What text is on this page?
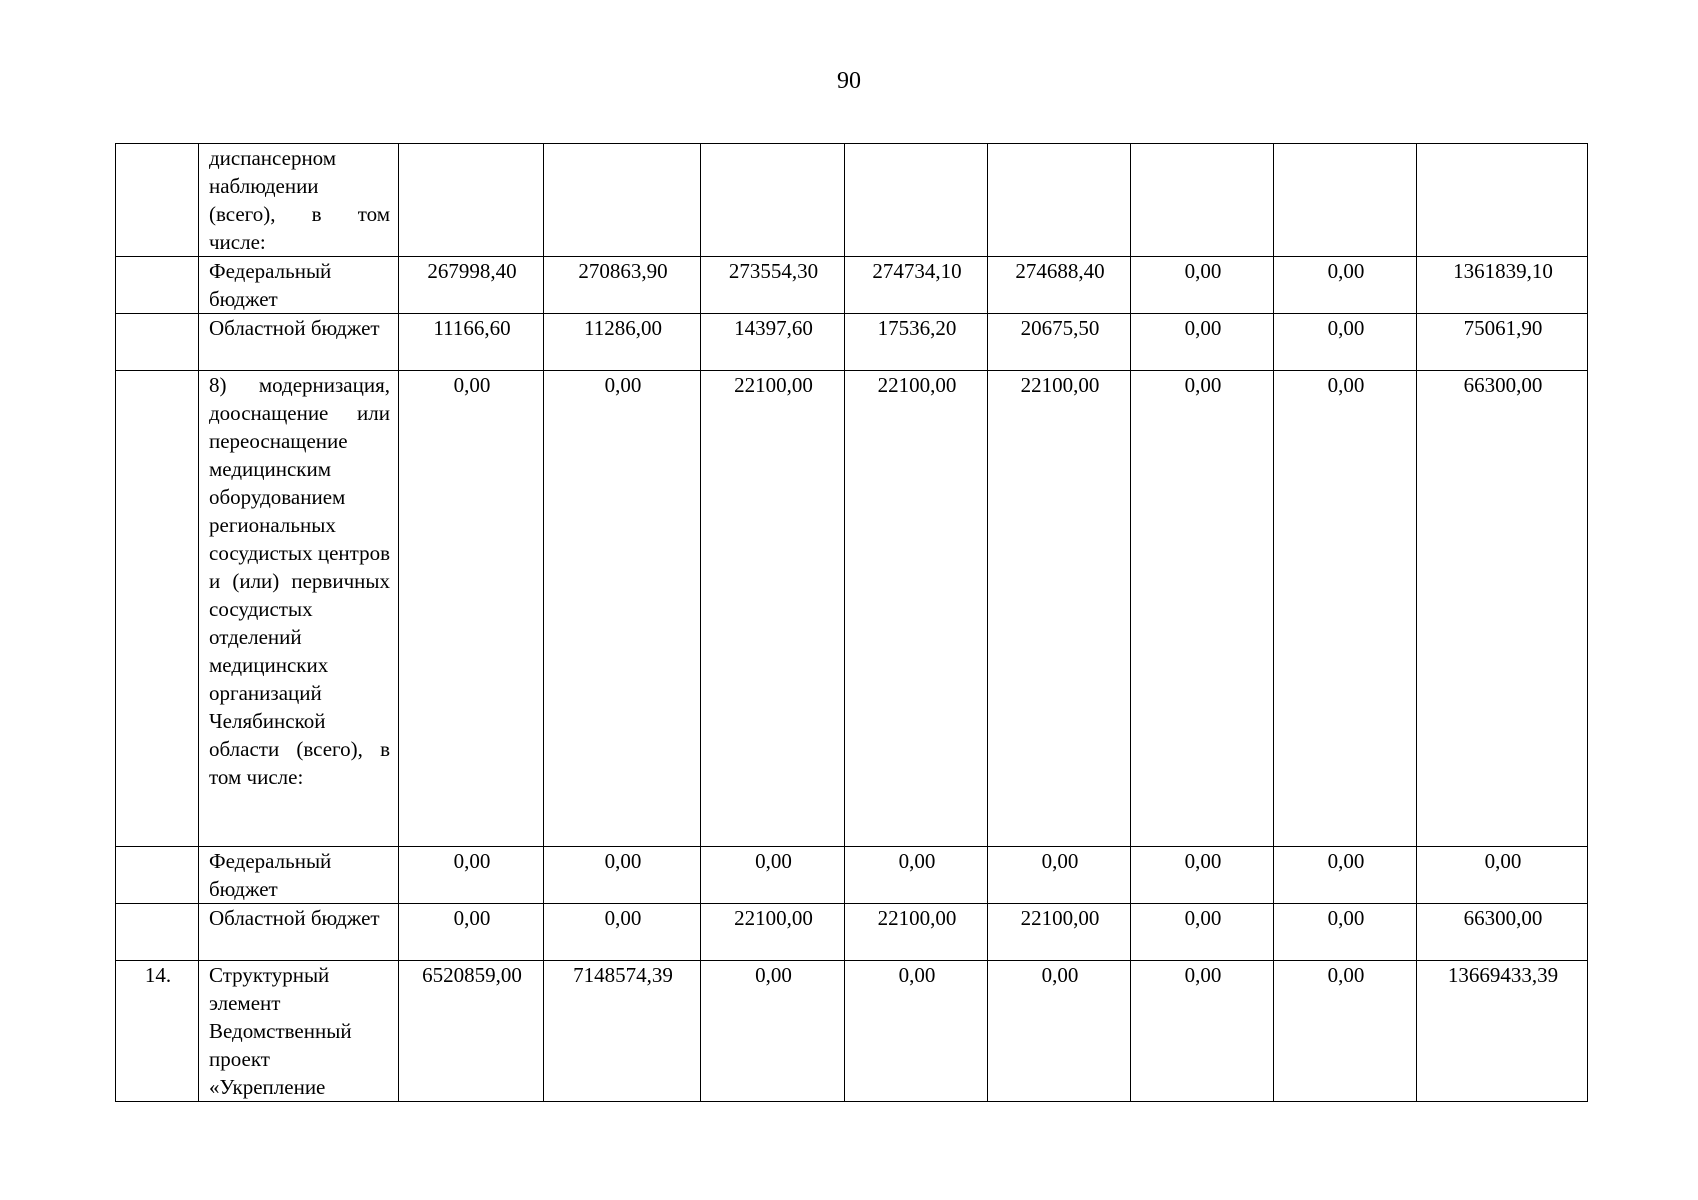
90
	диспансерном наблюдении (всего), в том числе:								
	Федеральный бюджет	267998,40	270863,90	273554,30	274734,10	274688,40	0,00	0,00	1361839,10
	Областной бюджет	11166,60	11286,00	14397,60	17536,20	20675,50	0,00	0,00	75061,90
	8) модернизация, дооснащение или переоснащение медицинским оборудованием региональных сосудистых центров и (или) первичных сосудистых отделений медицинских организаций Челябинской области (всего), в том числе:	0,00	0,00	22100,00	22100,00	22100,00	0,00	0,00	66300,00
	Федеральный бюджет	0,00	0,00	0,00	0,00	0,00	0,00	0,00	0,00
	Областной бюджет	0,00	0,00	22100,00	22100,00	22100,00	0,00	0,00	66300,00
14.	Структурный элемент Ведомственный проект «Укрепление	6520859,00	7148574,39	0,00	0,00	0,00	0,00	0,00	13669433,39
